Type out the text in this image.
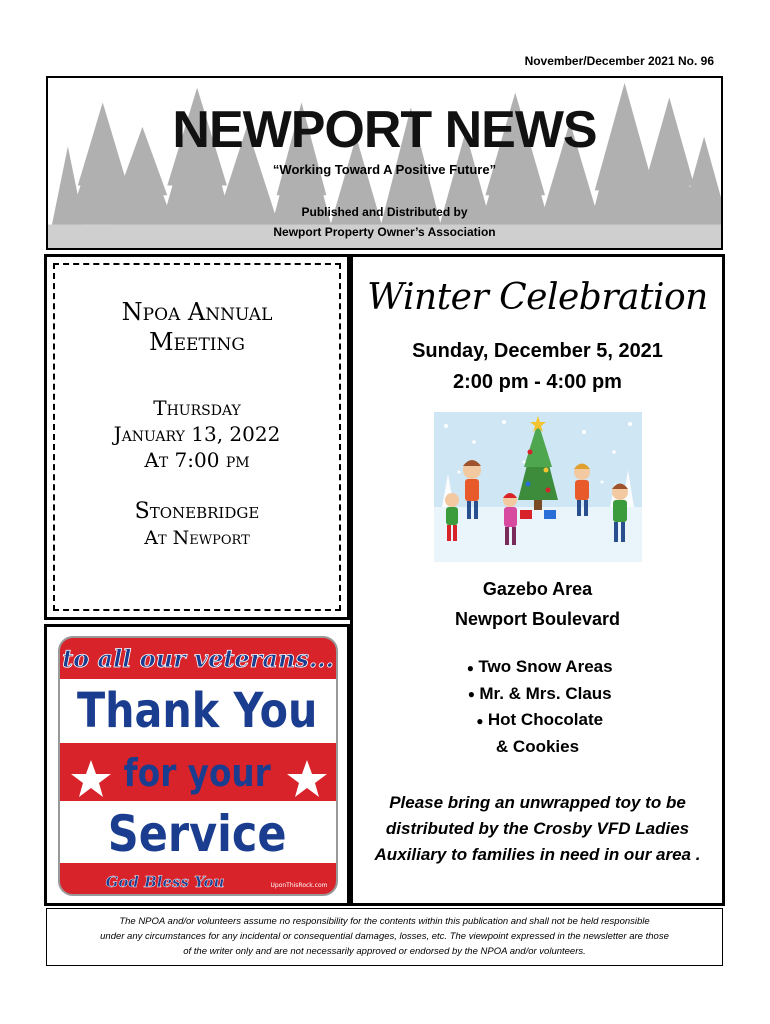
November/December 2021 No. 96
NEWPORT NEWS
“Working Toward A Positive Future”
Published and Distributed by
Newport Property Owner’s Association
Npoa Annual
Meeting
Thursday
January 13, 2022
At 7:00 pm
Stonebridge
At Newport
to all our veterans...
Thank You
for your
Service
God Bless You	UponThisRock.com
Winter Celebration
Sunday, December 5, 2021
2:00 pm - 4:00 pm
Gazebo Area
Newport Boulevard
● Two Snow Areas
● Mr. & Mrs. Claus
● Hot Chocolate
& Cookies
Please bring an unwrapped toy to be
distributed by the Crosby VFD Ladies
Auxiliary to families in need in our area .
The NPOA and/or volunteers assume no responsibility for the contents within this publication and shall not be held responsible
under any circumstances for any incidental or consequential damages, losses, etc. The viewpoint expressed in the newsletter are those
of the writer only and are not necessarily approved or endorsed by the NPOA and/or volunteers.
